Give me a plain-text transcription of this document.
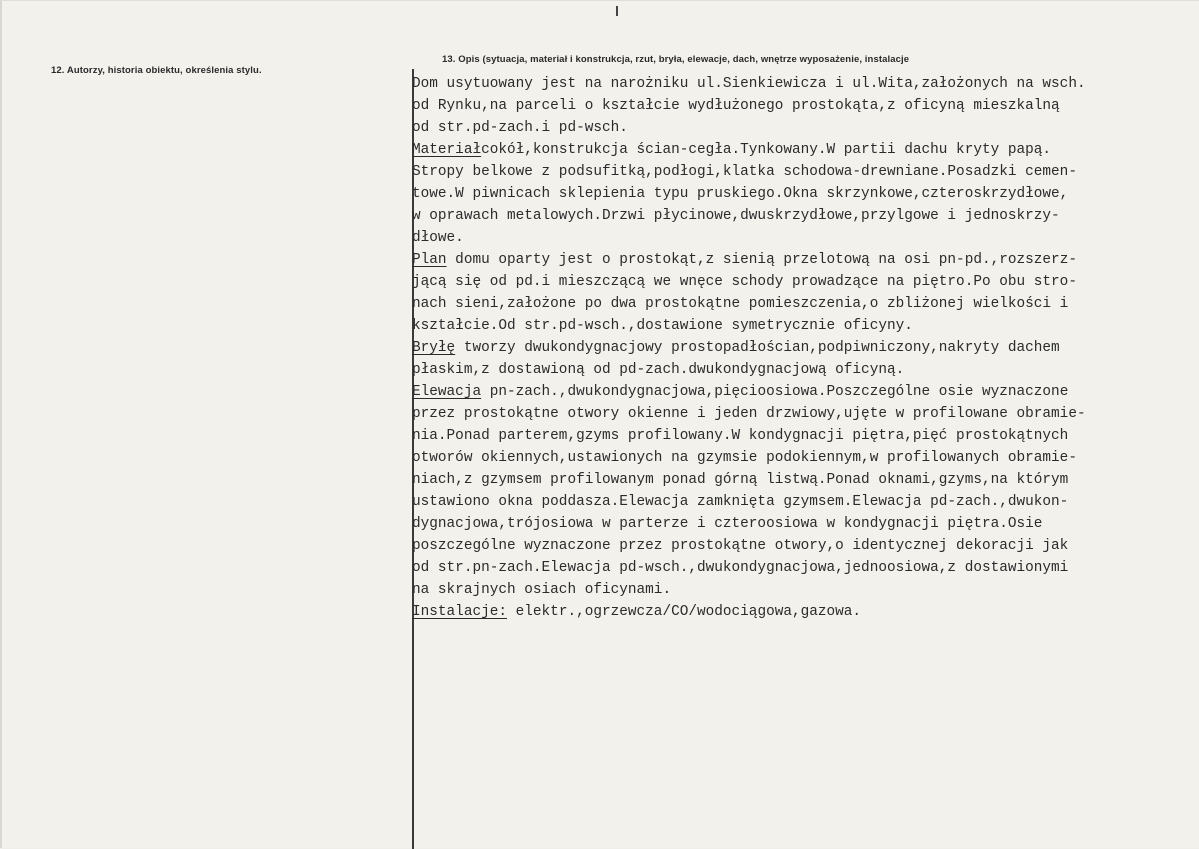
12. Autorzy, historia obiektu, określenia stylu.
13. Opis (sytuacja, materiał i konstrukcja, rzut, bryła, elewacje, dach, wnętrze wyposażenie, instalacje
Dom usytuowany jest na narożniku ul.Sienkiewicza i ul.Wita,założonych na wsch.
od Rynku,na parceli o kształcie wydłużonego prostokąta,z oficyną mieszkalną
od str.pd-zach.i pd-wsch.
Materiałcokół,konstrukcja ścian-cegła.Tynkowany.W partii dachu kryty papą.
Stropy belkowe z podsufitką,podłogi,klatka schodowa-drewniane.Posadzki cemen-
towe.W piwnicach sklepienia typu pruskiego.Okna skrzynkowe,czteroskrzydłowe,
w oprawach metalowych.Drzwi płycinowe,dwuskrzydłowe,przylgowe i jednoskrzy-
dłowe.
Plan domu oparty jest o prostokąt,z sienią przelotową na osi pn-pd.,rozszerz-
jącą się od pd.i mieszczącą we wnęce schody prowadzące na piętro.Po obu stro-
nach sieni,założone po dwa prostokątne pomieszczenia,o zbliżonej wielkości i
kształcie.Od str.pd-wsch.,dostawione symetrycznie oficyny.
Bryłę tworzy dwukondygnacjowy prostopadłościan,podpiwniczony,nakryty dachem
płaskim,z dostawioną od pd-zach.dwukondygnacjową oficyną.
Elewacja pn-zach.,dwukondygnacjowa,pięcioosiowa.Poszczególne osie wyznaczone
przez prostokątne otwory okienne i jeden drzwiowy,ujęte w profilowane obramie-
nia.Ponad parterem,gzyms profilowany.W kondygnacji piętra,pięć prostokątnych
otworów okiennych,ustawionych na gzymsie podokiennym,w profilowanych obramie-
niach,z gzymsem profilowanym ponad górną listwą.Ponad oknami,gzyms,na którym
ustawiono okna poddasza.Elewacja zamknięta gzymsem.Elewacja pd-zach.,dwukon-
dygnacjowa,trójosiowa w parterze i czteroosiowa w kondygnacji piętra.Osie
poszczególne wyznaczone przez prostokątne otwory,o identycznej dekoracji jak
od str.pn-zach.Elewacja pd-wsch.,dwukondygnacjowa,jednoosiowa,z dostawionymi
na skrajnych osiach oficynami.
Instalacje: elektr.,ogrzewcza/CO/wodociągowa,gazowa.
